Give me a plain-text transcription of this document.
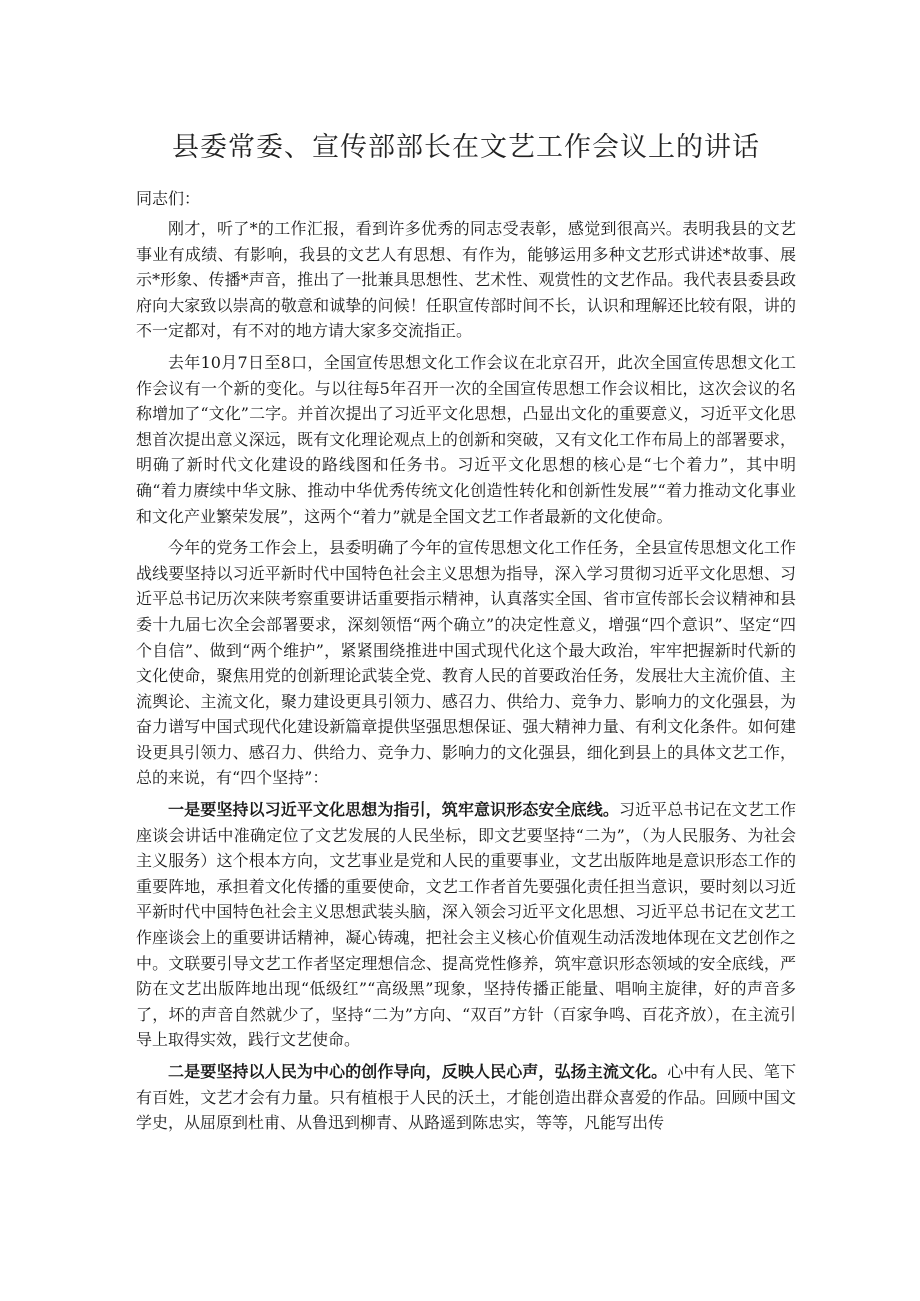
县委常委、宣传部部长在文艺工作会议上的讲话

同志们：

刚才，听了*的工作汇报，看到许多优秀的同志受表彰，感觉到很高兴。表明我县的文艺事业有成绩、有影响，我县的文艺人有思想、有作为，能够运用多种文艺形式讲述*故事、展示*形象、传播*声音，推出了一批兼具思想性、艺术性、观赏性的文艺作品。我代表县委县政府向大家致以崇高的敬意和诚挚的问候！任职宣传部时间不长，认识和理解还比较有限，讲的不一定都对，有不对的地方请大家多交流指正。

去年10月7日至8口，全国宣传思想文化工作会议在北京召开，此次全国宣传思想文化工作会议有一个新的变化。与以往每5年召开一次的全国宣传思想工作会议相比，这次会议的名称增加了“文化”二字。并首次提出了习近平文化思想，凸显出文化的重要意义，习近平文化思想首次提出意义深远，既有文化理论观点上的创新和突破，又有文化工作布局上的部署要求，明确了新时代文化建设的路线图和任务书。习近平文化思想的核心是“七个着力”，其中明确“着力赓续中华文脉、推动中华优秀传统文化创造性转化和创新性发展”“着力推动文化事业和文化产业繁荣发展”，这两个“着力”就是全国文艺工作者最新的文化使命。

今年的党务工作会上，县委明确了今年的宣传思想文化工作任务，全县宣传思想文化工作战线要坚持以习近平新时代中国特色社会主义思想为指导，深入学习贯彻习近平文化思想、习近平总书记历次来陕考察重要讲话重要指示精神，认真落实全国、省市宣传部长会议精神和县委十九届七次全会部署要求，深刻领悟“两个确立”的决定性意义，增强“四个意识”、坚定“四个自信”、做到“两个维护”，紧紧围绕推进中国式现代化这个最大政治，牢牢把握新时代新的文化使命，聚焦用党的创新理论武装全党、教育人民的首要政治任务，发展壮大主流价值、主流舆论、主流文化，聚力建设更具引领力、感召力、供给力、竞争力、影响力的文化强县，为奋力谱写中国式现代化建设新篇章提供坚强思想保证、强大精神力量、有利文化条件。如何建设更具引领力、感召力、供给力、竞争力、影响力的文化强县，细化到县上的具体文艺工作，总的来说，有“四个坚持”：

一是要坚持以习近平文化思想为指引，筑牢意识形态安全底线。习近平总书记在文艺工作座谈会讲话中准确定位了文艺发展的人民坐标，即文艺要坚持“二为”，（为人民服务、为社会主义服务）这个根本方向，文艺事业是党和人民的重要事业，文艺出版阵地是意识形态工作的重要阵地，承担着文化传播的重要使命，文艺工作者首先要强化责任担当意识，要时刻以习近平新时代中国特色社会主义思想武装头脑，深入领会习近平文化思想、习近平总书记在文艺工作座谈会上的重要讲话精神，凝心铸魂，把社会主义核心价值观生动活泼地体现在文艺创作之中。文联要引导文艺工作者坚定理想信念、提高党性修养，筑牢意识形态领域的安全底线，严防在文艺出版阵地出现“低级红”“高级黑”现象，坚持传播正能量、唱响主旋律，好的声音多了，坏的声音自然就少了，坚持“二为”方向、“双百”方针（百家争鸣、百花齐放），在主流引导上取得实效，践行文艺使命。

二是要坚持以人民为中心的创作导向，反映人民心声，弘扬主流文化。心中有人民、笔下有百姓，文艺才会有力量。只有植根于人民的沃土，才能创造出群众喜爱的作品。回顾中国文学史，从屈原到杜甫、从鲁迅到柳青、从路遥到陈忠实，等等，凡能写出传
